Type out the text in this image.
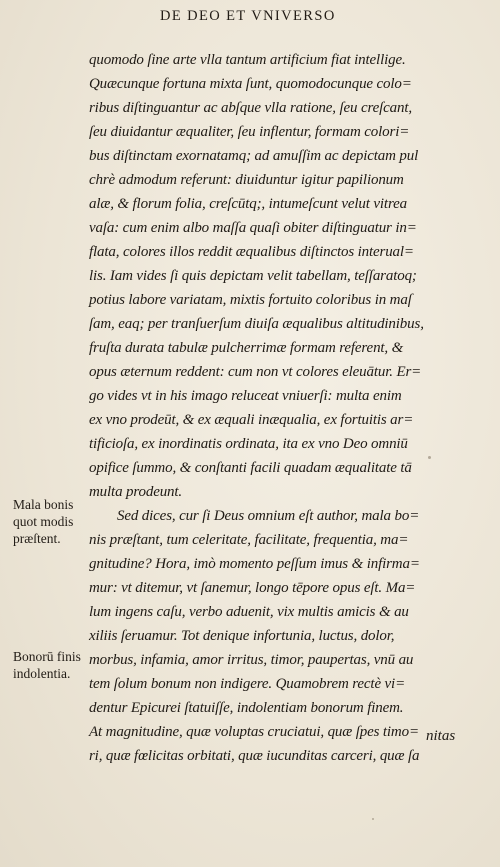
DE DEO ET VNIVERSO
Mala bonis
quot modis
præſtent.
Bonorū finis
indolentia.
quomodo ſine arte vlla tantum artificium fiat intellige.
Quæcunque fortuna mixta ſunt, quomodocunque colo=
ribus diſtinguantur ac abſque vlla ratione, ſeu creſcant,
ſeu diuidantur æqualiter, ſeu inflentur, formam colori=
bus diſtinctam exornatamq; ad amuſſim ac depictam pul
chrè admodum referunt: diuiduntur igitur papilionum
alæ, & florum folia, creſcūtq;, intumeſcunt velut vitrea
vaſa: cum enim albo maſſa quaſi obiter diſtinguatur in=
flata, colores illos reddit æqualibus diſtinctos interual=
lis. Iam vides ſi quis depictam velit tabellam, teſſaratoq;
potius labore variatam, mixtis fortuito coloribus in maſ
ſam, eaq; per tranſuerſum diuiſa æqualibus altitudinibus,
fruſta durata tabulæ pulcherrimæ formam referent, &
opus æternum reddent: cum non vt colores eleuātur. Er=
go vides vt in his imago reluceat vniuerſi: multa enim
ex vno prodeūt, & ex æquali inæqualia, ex fortuitis ar=
tificioſa, ex inordinatis ordinata, ita ex vno Deo omniū
opifice ſummo, & conſtanti facili quadam æqualitate tā
multa prodeunt.
Sed dices, cur ſi Deus omnium eſt author, mala bo=
nis præſtant, tum celeritate, facilitate, frequentia, ma=
gnitudine? Hora, imò momento peſſum imus & infirma=
mur: vt ditemur, vt ſanemur, longo tēpore opus eſt. Ma=
lum ingens caſu, verbo aduenit, vix multis amicis & au
xiliis ſeruamur. Tot denique infortunia, luctus, dolor,
morbus, infamia, amor irritus, timor, paupertas, vnū au
tem ſolum bonum non indigere. Quamobrem rectè vi=
dentur Epicurei ſtatuiſſe, indolentiam bonorum finem.
At magnitudine, quæ voluptas cruciatui, quæ ſpes timo=
ri, quæ fœlicitas orbitati, quæ iucunditas carceri, quæ ſa
nitas
